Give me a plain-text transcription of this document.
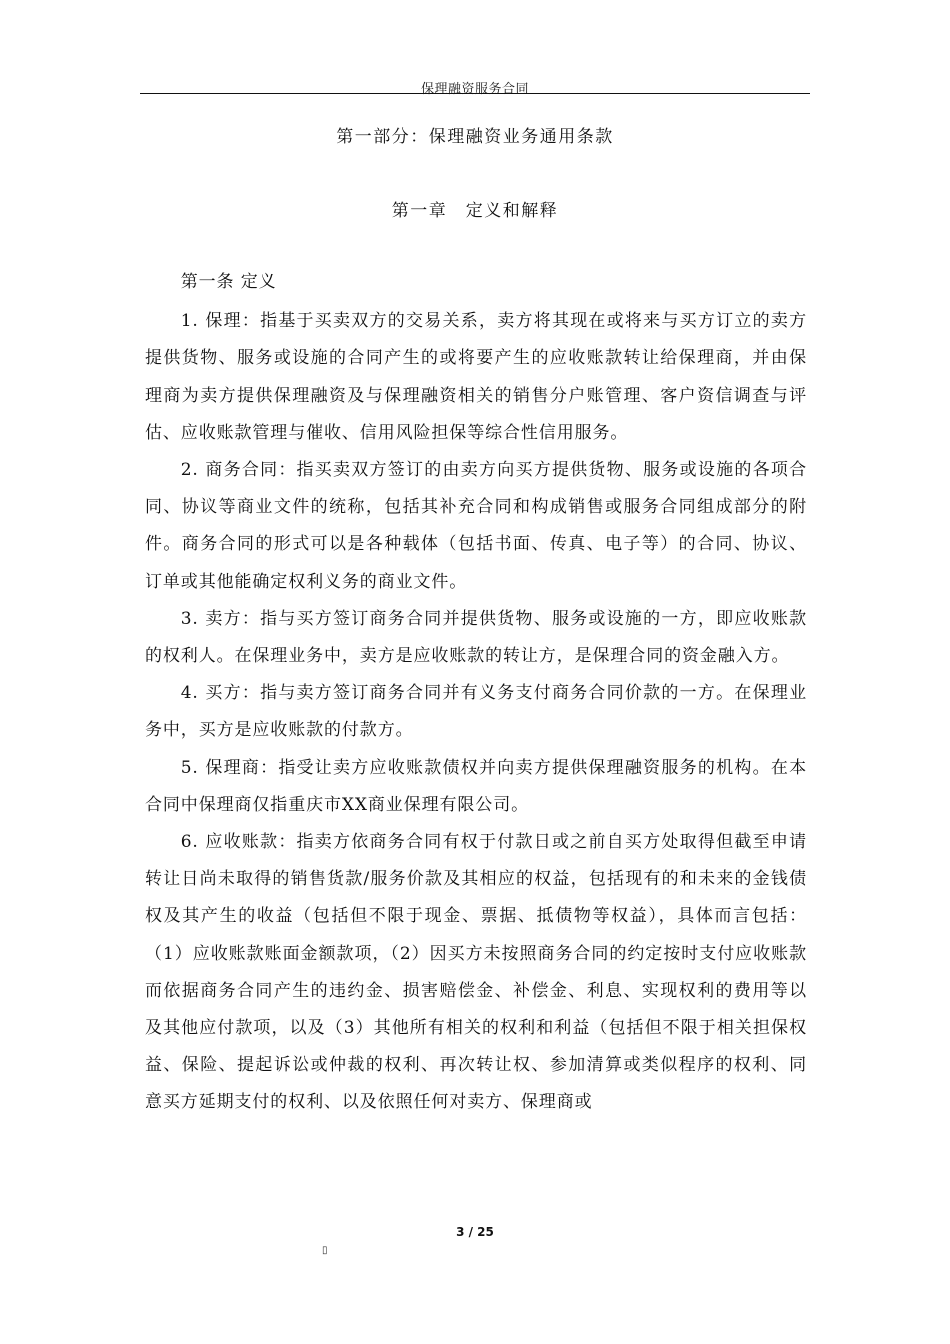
保理融资服务合同
第一部分：保理融资业务通用条款
第一章　定义和解释

第一条 定义

1. 保理：指基于买卖双方的交易关系，卖方将其现在或将来与买方订立的卖方提供货物、服务或设施的合同产生的或将要产生的应收账款转让给保理商，并由保理商为卖方提供保理融资及与保理融资相关的销售分户账管理、客户资信调查与评估、应收账款管理与催收、信用风险担保等综合性信用服务。

2. 商务合同：指买卖双方签订的由卖方向买方提供货物、服务或设施的各项合同、协议等商业文件的统称，包括其补充合同和构成销售或服务合同组成部分的附件。商务合同的形式可以是各种载体（包括书面、传真、电子等）的合同、协议、订单或其他能确定权利义务的商业文件。

3. 卖方：指与买方签订商务合同并提供货物、服务或设施的一方，即应收账款的权利人。在保理业务中，卖方是应收账款的转让方，是保理合同的资金融入方。

4. 买方：指与卖方签订商务合同并有义务支付商务合同价款的一方。在保理业务中，买方是应收账款的付款方。

5. 保理商：指受让卖方应收账款债权并向卖方提供保理融资服务的机构。在本合同中保理商仅指重庆市XX商业保理有限公司。

6. 应收账款：指卖方依商务合同有权于付款日或之前自买方处取得但截至申请转让日尚未取得的销售货款/服务价款及其相应的权益，包括现有的和未来的金钱债权及其产生的收益（包括但不限于现金、票据、抵债物等权益），具体而言包括：（1）应收账款账面金额款项，（2）因买方未按照商务合同的约定按时支付应收账款而依据商务合同产生的违约金、损害赔偿金、补偿金、利息、实现权利的费用等以及其他应付款项，以及（3）其他所有相关的权利和利益（包括但不限于相关担保权益、保险、提起诉讼或仲裁的权利、再次转让权、参加清算或类似程序的权利、同意买方延期支付的权利、以及依照任何对卖方、保理商或

3 / 25
▯
